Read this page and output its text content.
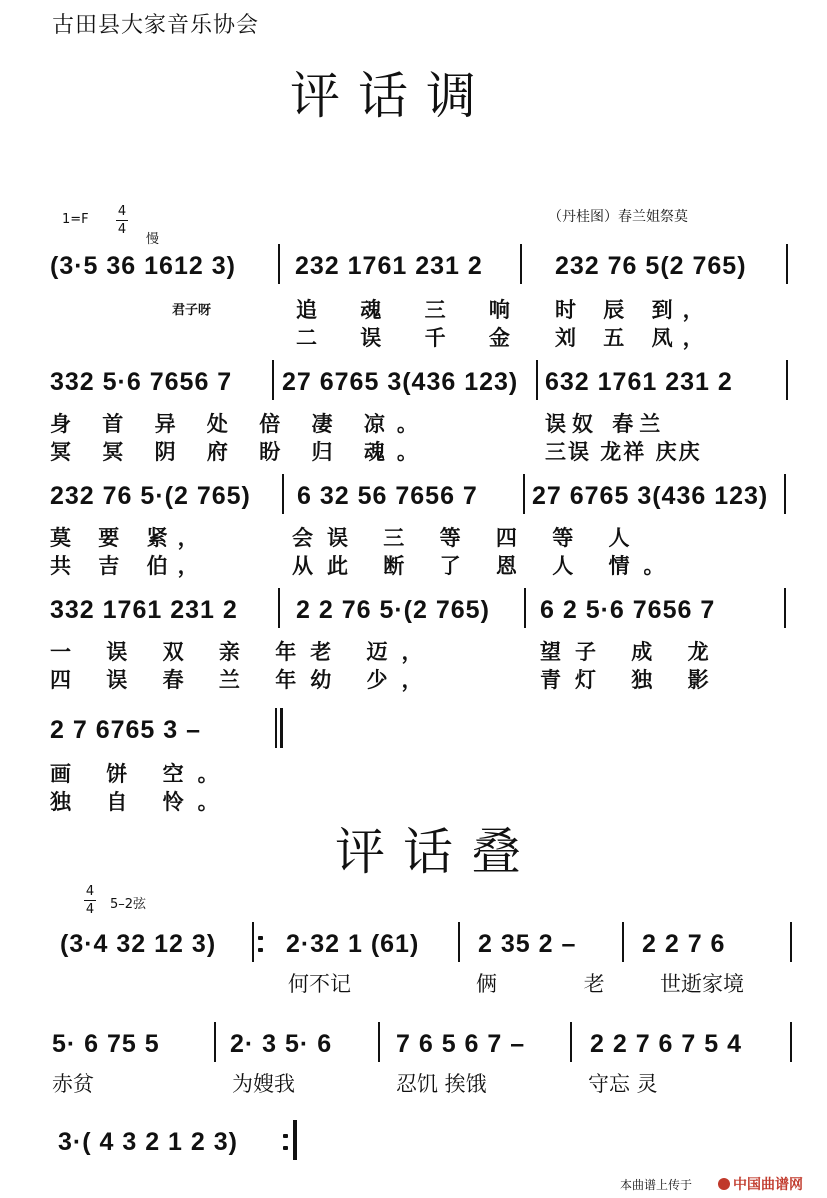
古田县大家音乐协会
评话调
1=F
4
4
慢
（丹桂图）春兰姐祭莫
(3·5 36 1612 3) 232 1761 231 2	232 76 5(2 765)
君子呀	追 魂 三 响 时 辰 到，
二 误 千 金 刘 五 凤，
332 5·6 7656 7 27 6765 3(436 123) 632 1761 231 2
身 首 异 处 倍 凄 凉。	误奴 春兰
冥 冥 阴 府 盼 归 魂。	三误 龙祥 庆庆
232 76 5·(2 765) 6 32 56 7656 7 27 6765 3(436 123)
莫 要 紧，	会误 三 等 四 等 人
共 吉 伯，	从此 断 了 恩 人 情。
332 1761 231 2 2 2 76 5·(2 765) 6 2 5·6 7656 7
一 误 双 亲 年老 迈，	望子 成 龙
四 误 春 兰 年幼 少，	青灯 独 影
2 7 6765 3 –
画 饼 空。
独 自 怜。
评话叠
4
4 5–2弦
(3·4 32 12 3)	2·32 1 (61) 2 35 2 –	2 2 7 6
何不记	俩 老 世逝家境
5· 6 75 5	2· 3 5· 6	7 6 5 6 7 –	2 2 7 6 7 5 4
赤贫	为嫂我	忍饥 挨饿	守忘 灵
3·( 4 3 2 1 2 3)
本曲谱上传于	中国曲谱网
